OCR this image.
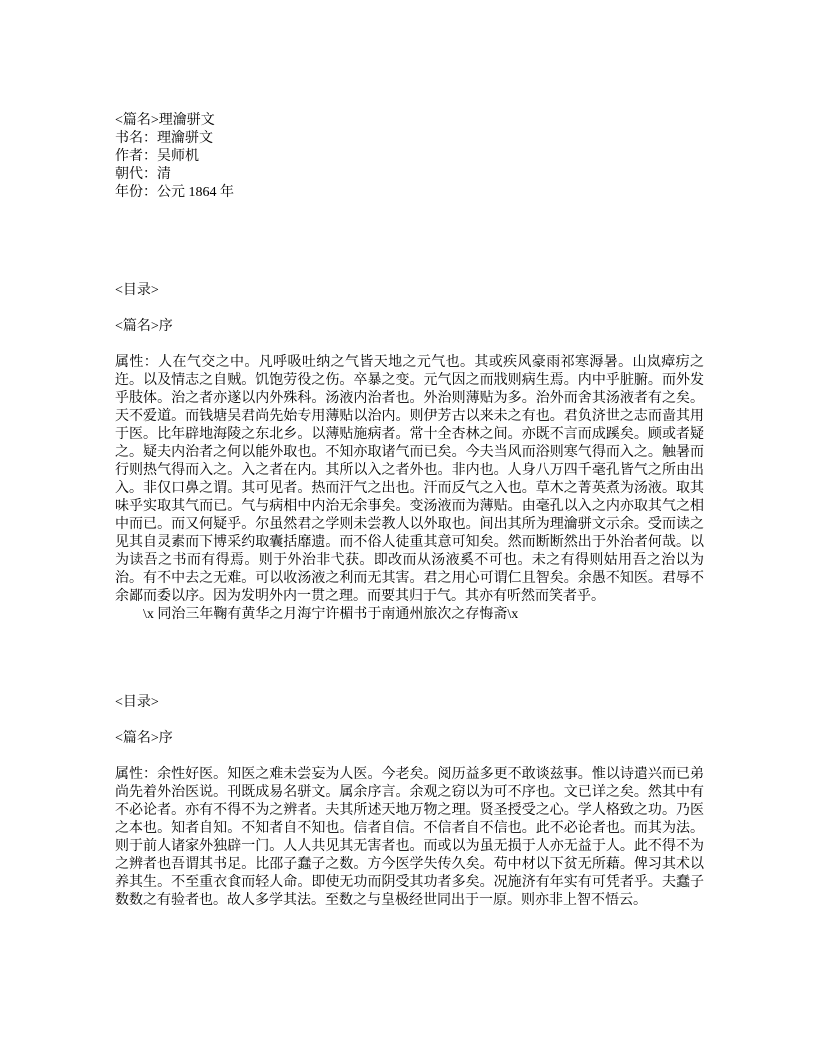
<篇名>理瀹骈文
书名：理瀹骈文
作者：吴师机
朝代：清
年份：公元 1864 年
<目录>
<篇名>序

属性：人在气交之中。凡呼吸吐纳之气皆天地之元气也。其或疾风豪雨祁寒溽暑。山岚瘴疠之迕。以及情志之自贼。饥饱劳役之伤。卒暴之变。元气因之而戕则病生焉。内中乎脏腑。而外发乎肢体。治之者亦遂以内外殊科。汤液内治者也。外治则薄贴为多。治外而舍其汤液者有之矣。天不爱道。而钱塘吴君尚先始专用薄贴以治内。则伊芳古以来未之有也。君负济世之志而啬其用于医。比年辟地海陵之东北乡。以薄贴施病者。常十全杏林之间。亦既不言而成蹊矣。顾或者疑之。疑夫内治者之何以能外取也。不知亦取诸气而已矣。今夫当风而浴则寒气得而入之。触暑而行则热气得而入之。入之者在内。其所以入之者外也。非内也。人身八万四千毫孔皆气之所由出入。非仅口鼻之谓。其可见者。热而汗气之出也。汗而反气之入也。草木之菁英煮为汤液。取其味乎实取其气而已。气与病相中内治无余事矣。变汤液而为薄贴。由毫孔以入之内亦取其气之相中而已。而又何疑乎。尔虽然君之学则未尝教人以外取也。间出其所为理瀹骈文示余。受而读之见其自灵素而下博采约取囊括靡遗。而不俗人徒重其意可知矣。然而断断然出于外治者何哉。以为读吾之书而有得焉。则于外治非弋获。即改而从汤液奚不可也。未之有得则姑用吾之治以为治。有不中去之无难。可以收汤液之利而无其害。君之用心可谓仁且智矣。余愚不知医。君辱不余鄙而委以序。因为发明外内一贯之理。而要其归于气。其亦有听然而笑者乎。

\x 同治三年鞠有黄华之月海宁许楣书于南通州旅次之存悔斋\x

<目录>
<篇名>序

属性：余性好医。知医之难未尝妄为人医。今老矣。阅历益多更不敢谈兹事。惟以诗遣兴而已弟尚先着外治医说。刊既成易名骈文。属余序言。余观之窃以为可不序也。文已详之矣。然其中有不必论者。亦有不得不为之辨者。夫其所述天地万物之理。贤圣授受之心。学人格致之功。乃医之本也。知者自知。不知者自不知也。信者自信。不信者自不信也。此不必论者也。而其为法。则于前人诸家外独辟一门。人人共见其无害者也。而或以为虽无损于人亦无益于人。此不得不为之辨者也吾谓其书足。比邵子蠢子之数。方今医学失传久矣。苟中材以下贫无所藉。俾习其术以养其生。不至重衣食而轻人命。即使无功而阴受其功者多矣。况施济有年实有可凭者乎。夫蠢子数数之有验者也。故人多学其法。至数之与皇极经世同出于一原。则亦非上智不悟云。
